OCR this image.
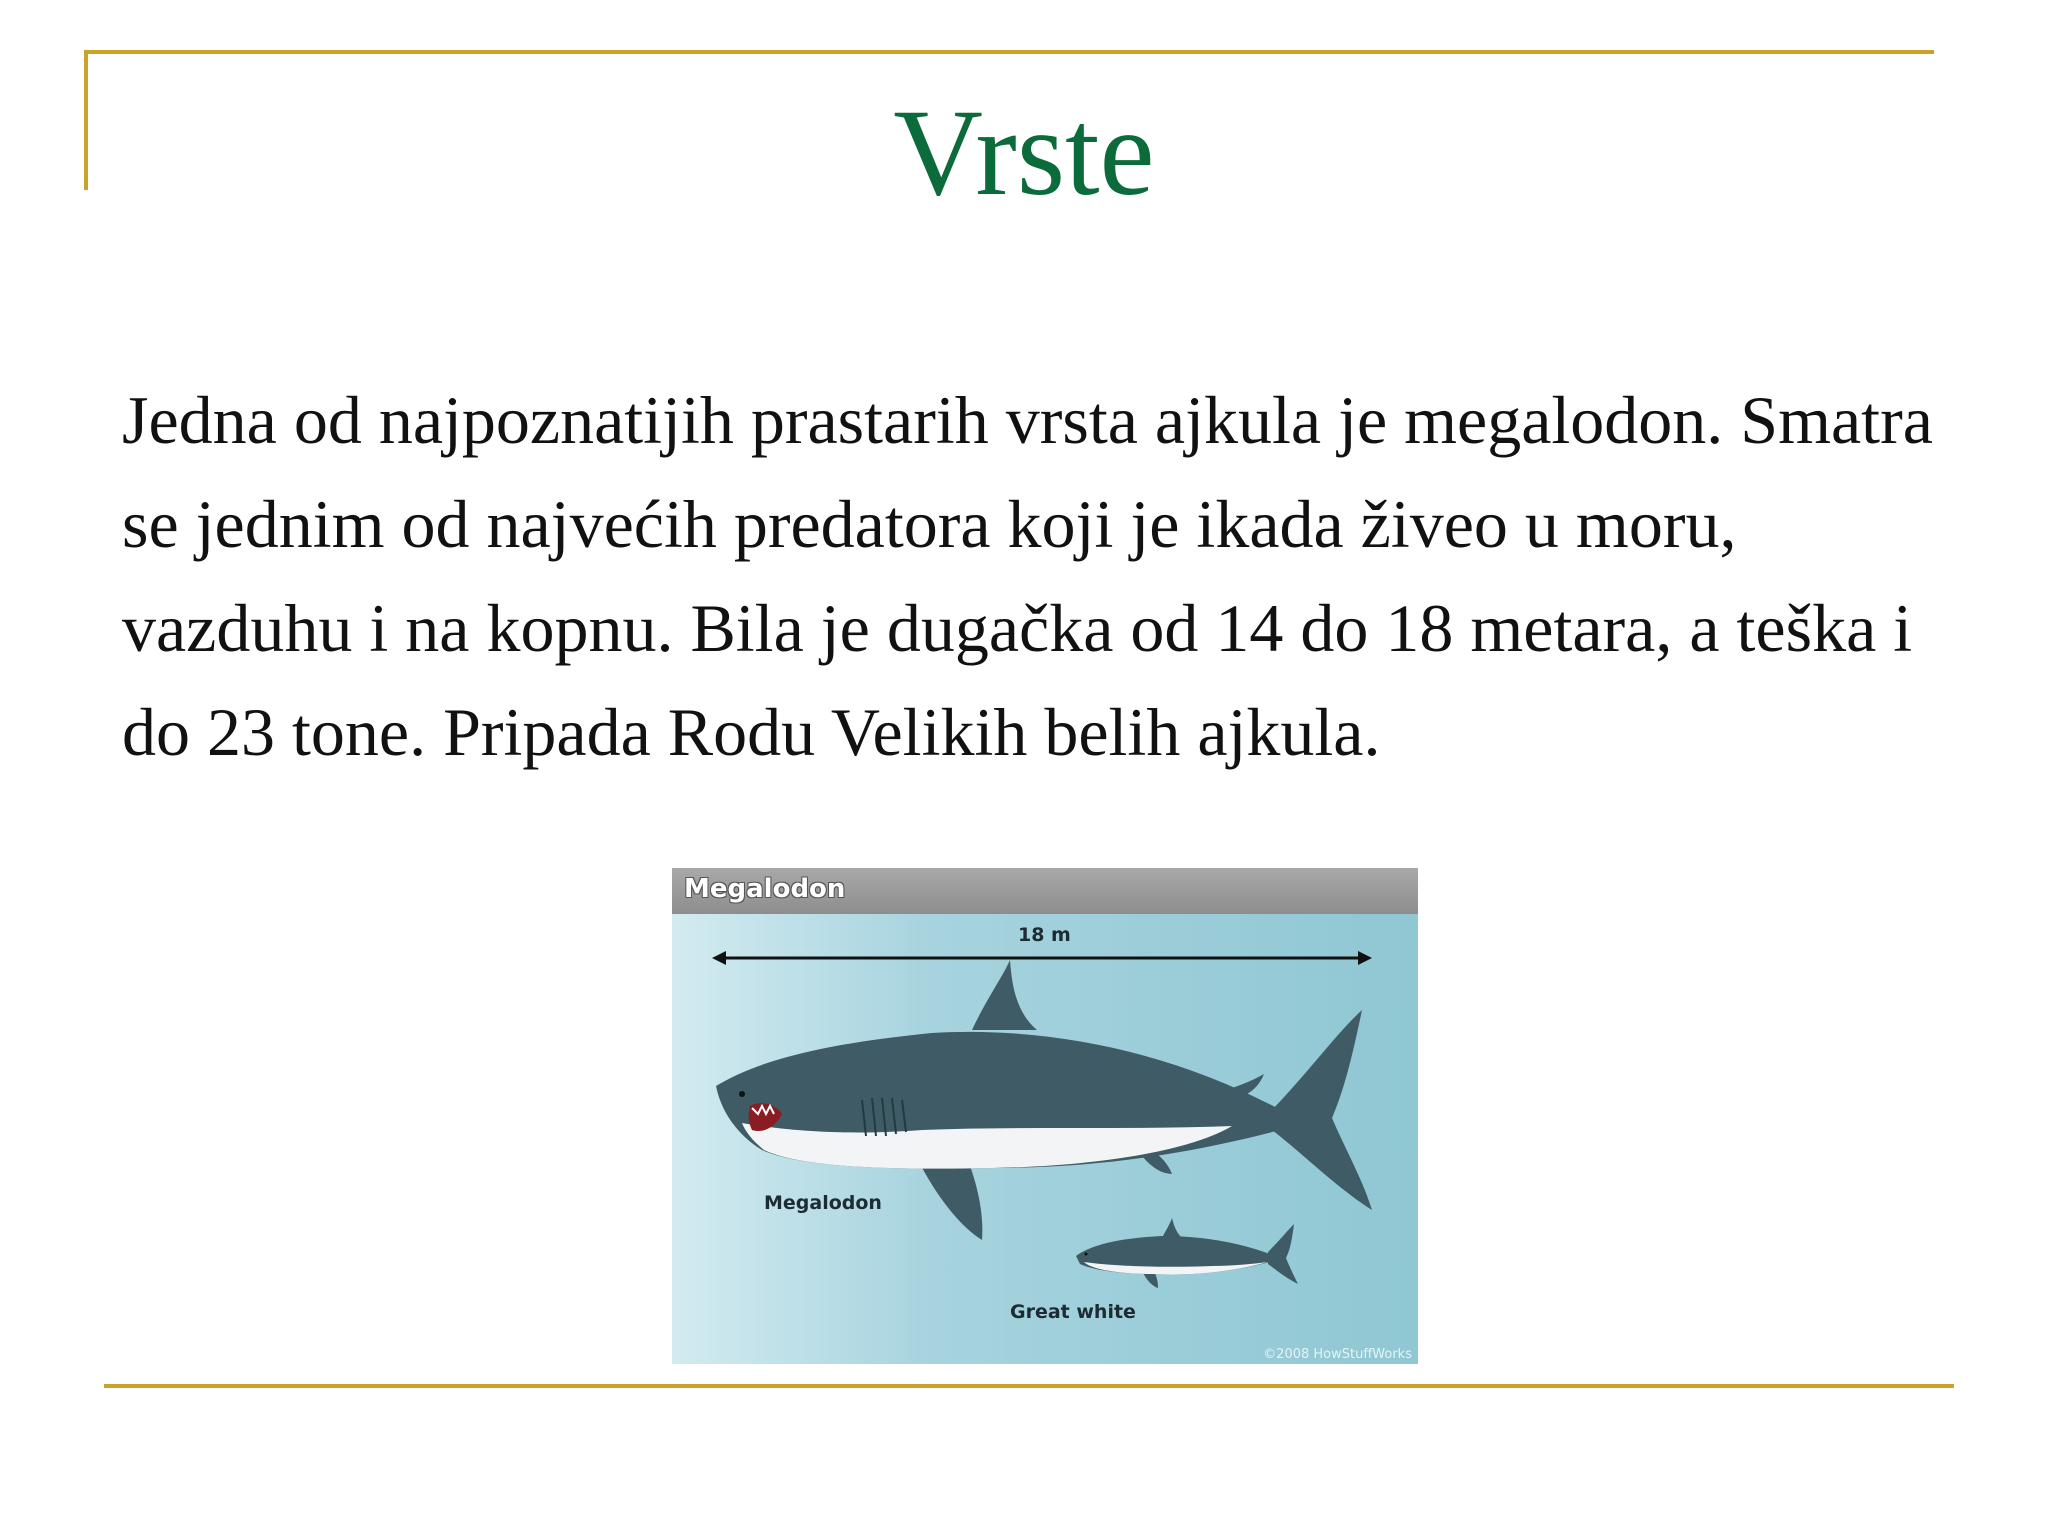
Vrste

Jedna od najpoznatijih prastarih vrsta ajkula je megalodon. Smatra se jednim od najvećih predatora koji je ikada živeo u moru, vazduhu i na kopnu. Bila je dugačka od 14 do 18 metara, a teška i do 23 tone. Pripada Rodu Velikih belih ajkula.

Megalodon
18 m
Megalodon
Great white
©2008 HowStuffWorks
